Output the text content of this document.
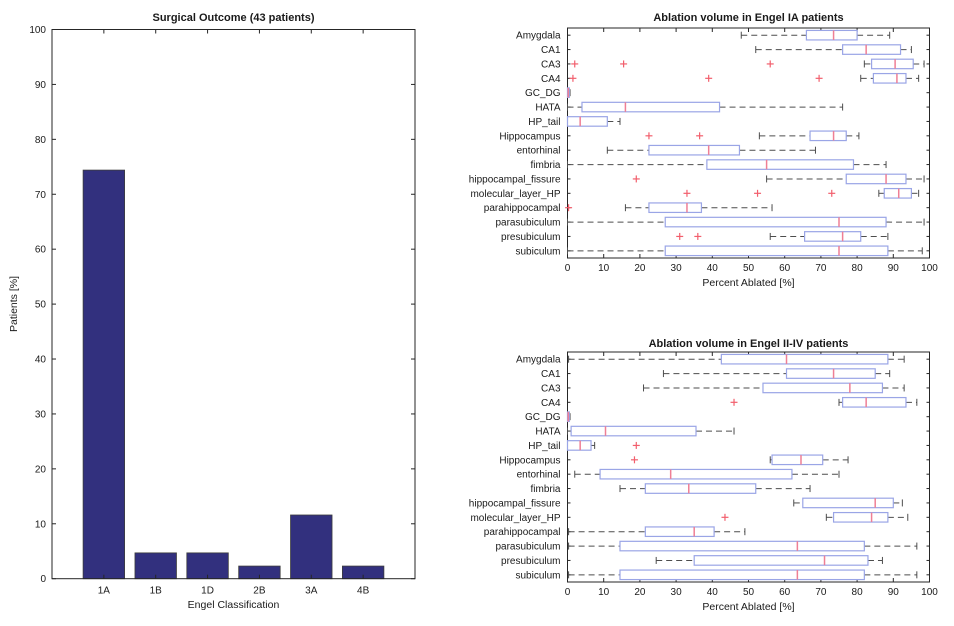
Surgical Outcome (43 patients)
Engel Classification
Patients [%]
0
10
20
30
40
50
60
70
80
90
100
1A	1B	1D	2B	3A	4B
Ablation volume in Engel IA patients
Percent Ablated [%]
0	10	20	30	40	50	60	70	80	90 100
Amygdala
CA1
CA3
CA4
GC_DG
HATA
HP_tail
Hippocampus
entorhinal
fimbria
hippocampal_fissure
molecular_layer_HP
parahippocampal
parasubiculum
presubiculum
subiculum
Ablation volume in Engel II-IV patients
Percent Ablated [%]
0	10	20	30	40	50	60	70	80	90 100
Amygdala
CA1
CA3
CA4
GC_DG
HATA
HP_tail
Hippocampus
entorhinal
fimbria
hippocampal_fissure
molecular_layer_HP
parahippocampal
parasubiculum
presubiculum
subiculum
